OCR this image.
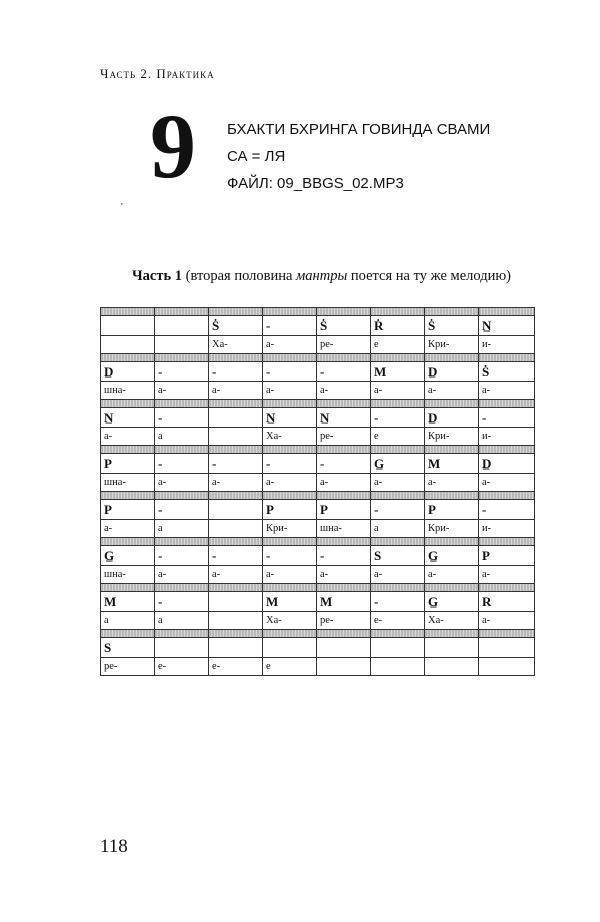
Часть 2. Практика
9 БХАКТИ БХРИНГА ГОВИНДА СВАМИ
СА = ЛЯ
ФАЙЛ: 09_BBGS_02.MP3
'
Часть 1 (вторая половина мантры поется на ту же мелодию)

		Ṡ	-	Ṡ	Ṙ	Ṡ	N̲
		Ха-	а-	ре-	е	Кри-	и-

D̲	-	-	-	-	M	D̲	Ṡ
шна-	а-	а-	а-	а-	а-	а-	а-

N̲	-		N̲	N̲	-	D̲	-
а-	а		Ха-	ре-	е	Кри-	и-

P	-	-	-	-	G̲	M	D̲
шна-	а-	а-	а-	а-	а-	а-	а-

P	-		P	P	-	P	-
а-	а		Кри-	шна-	а	Кри-	и-

G̲	-	-	-	-	S	G̲	P
шна-	а-	а-	а-	а-	а-	а-	а-

M	-		M	M	-	G̲	R
а	а		Ха-	ре-	е-	Ха-	а-

S							
ре-	е-	е-	е				
118
